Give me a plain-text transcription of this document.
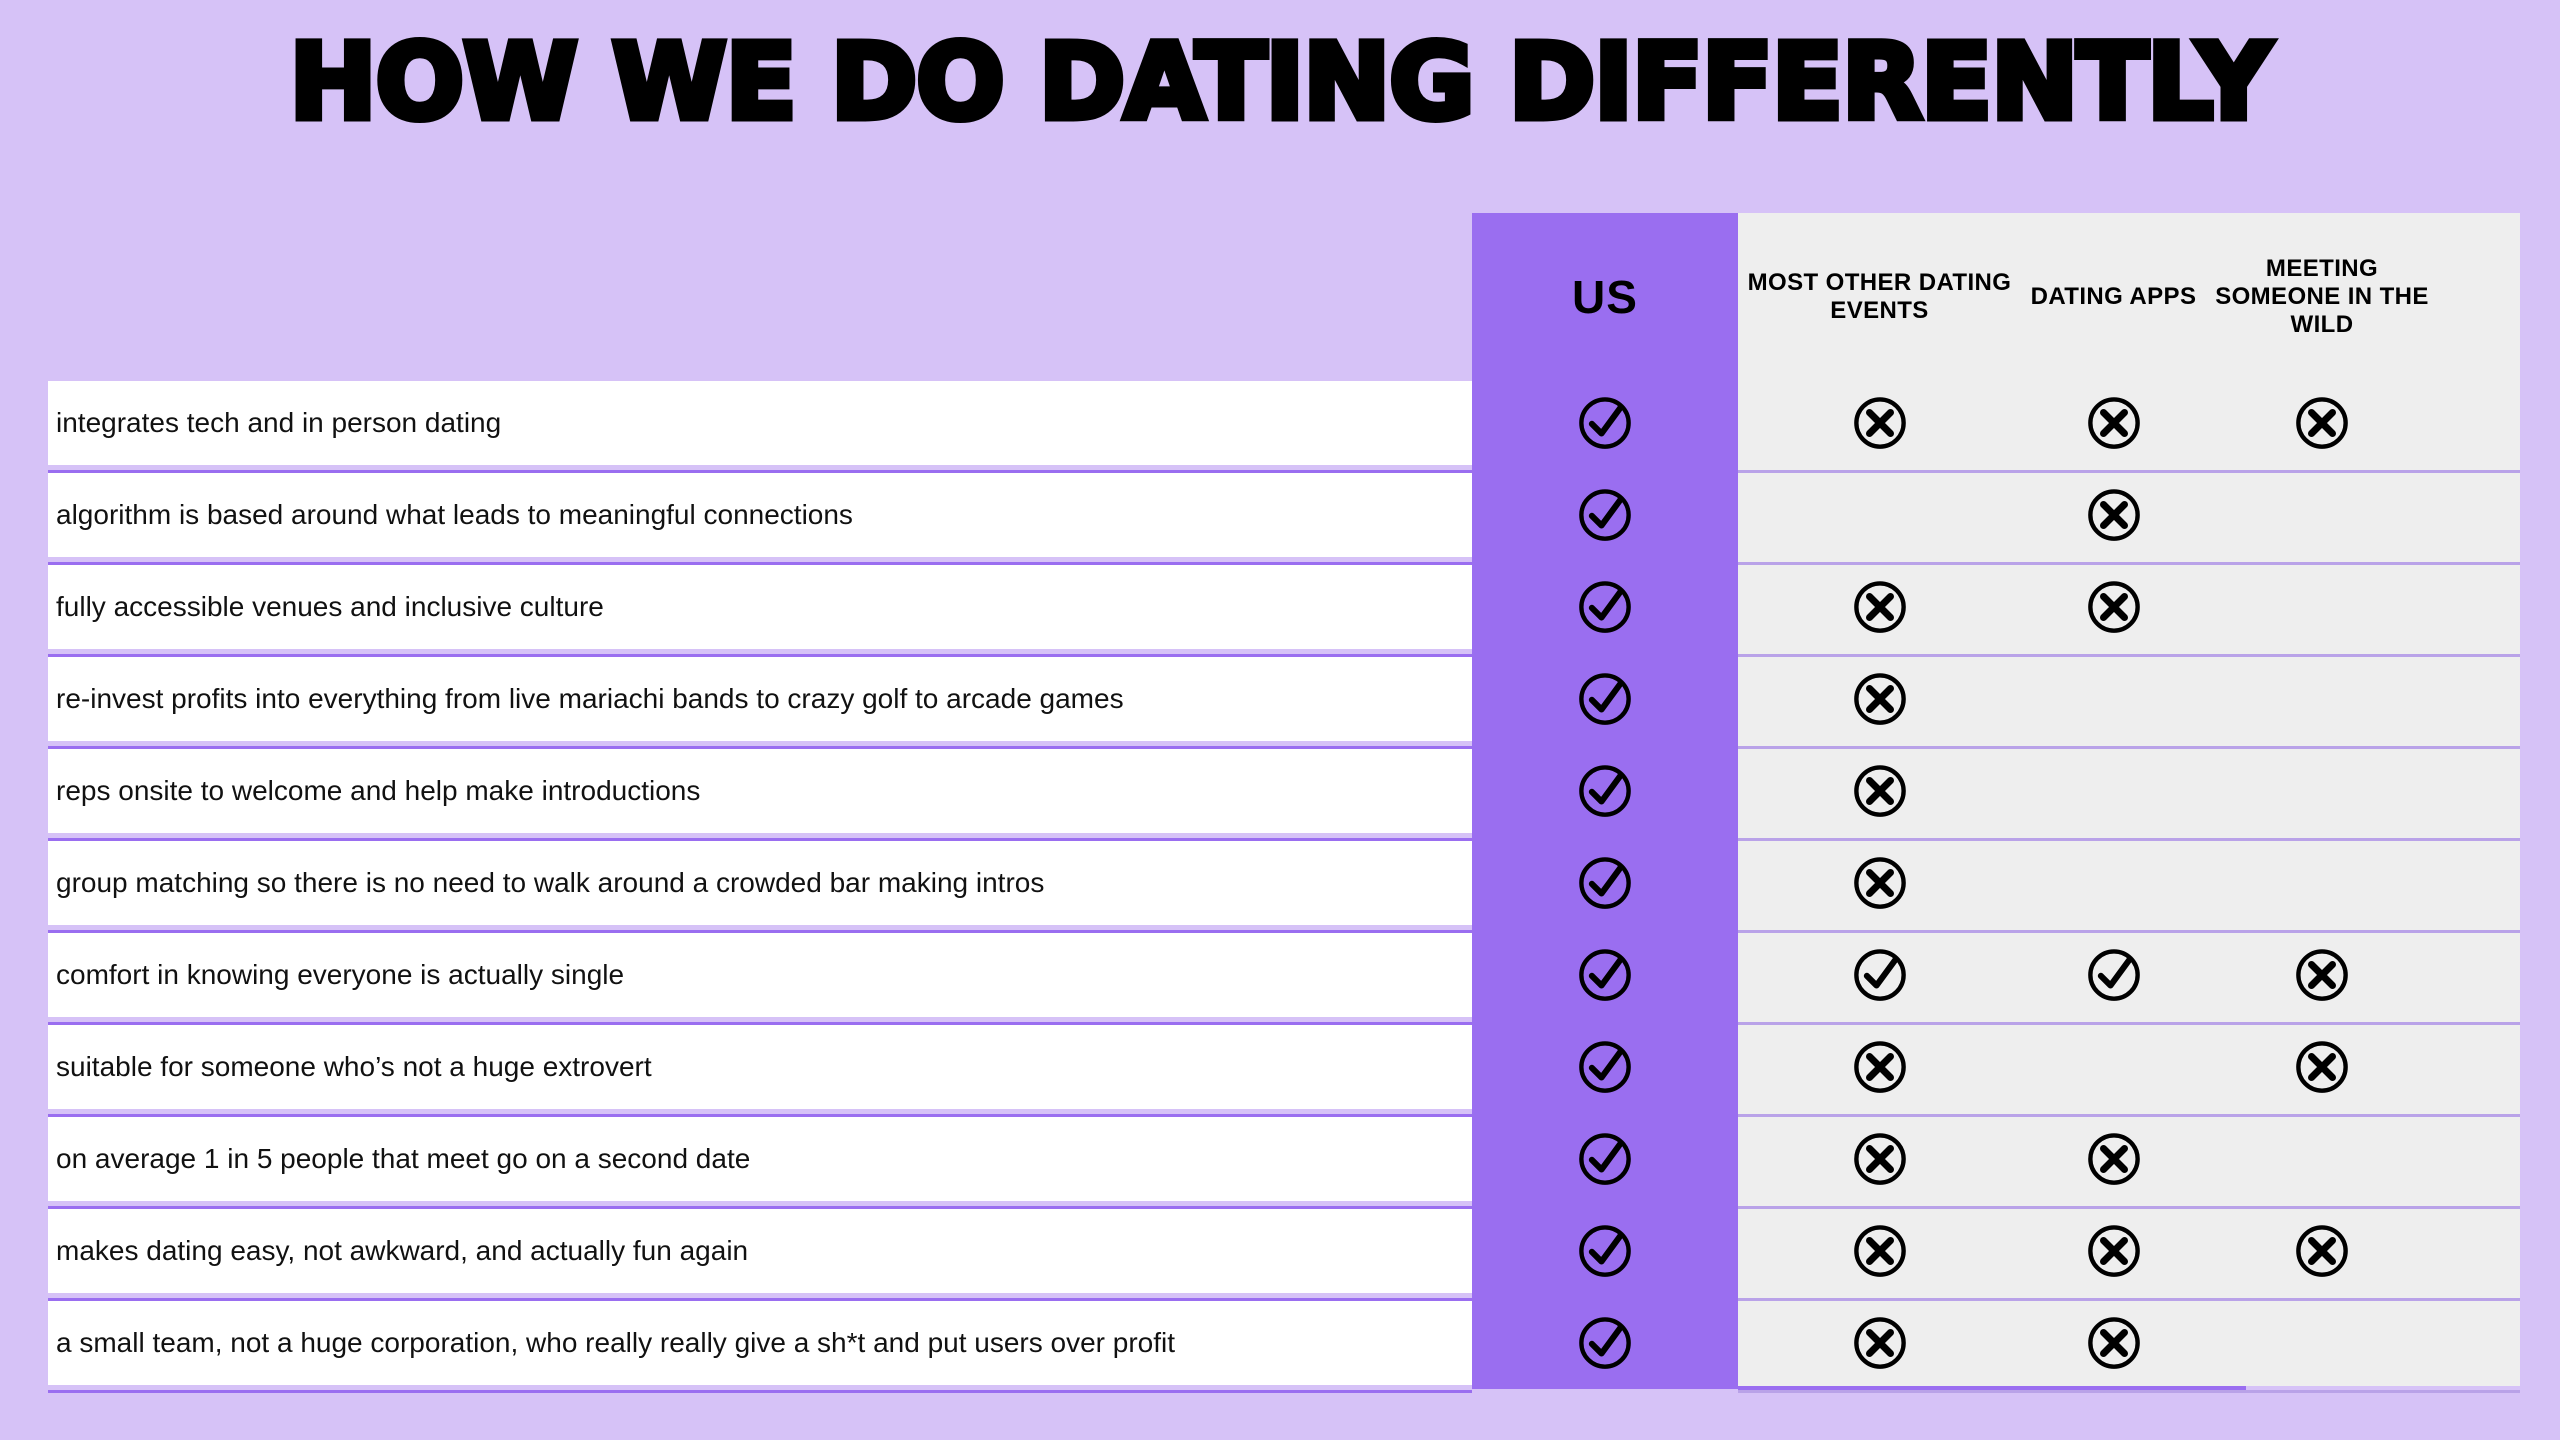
HOW WE DO DATING DIFFERENTLY
US	MOST OTHER DATING EVENTS
DATING APPS
MEETING SOMEONE IN THE WILD
integrates tech and in person dating
algorithm is based around what leads to meaningful connections
fully accessible venues and inclusive culture
re-invest profits into everything from live mariachi bands to crazy golf to arcade games
reps onsite to welcome and help make introductions
group matching so there is no need to walk around a crowded bar making intros
comfort in knowing everyone is actually single
suitable for someone who’s not a huge extrovert
on average 1 in 5 people that meet go on a second date
makes dating easy, not awkward, and actually fun again
a small team, not a huge corporation, who really really give a sh*t and put users over profit
